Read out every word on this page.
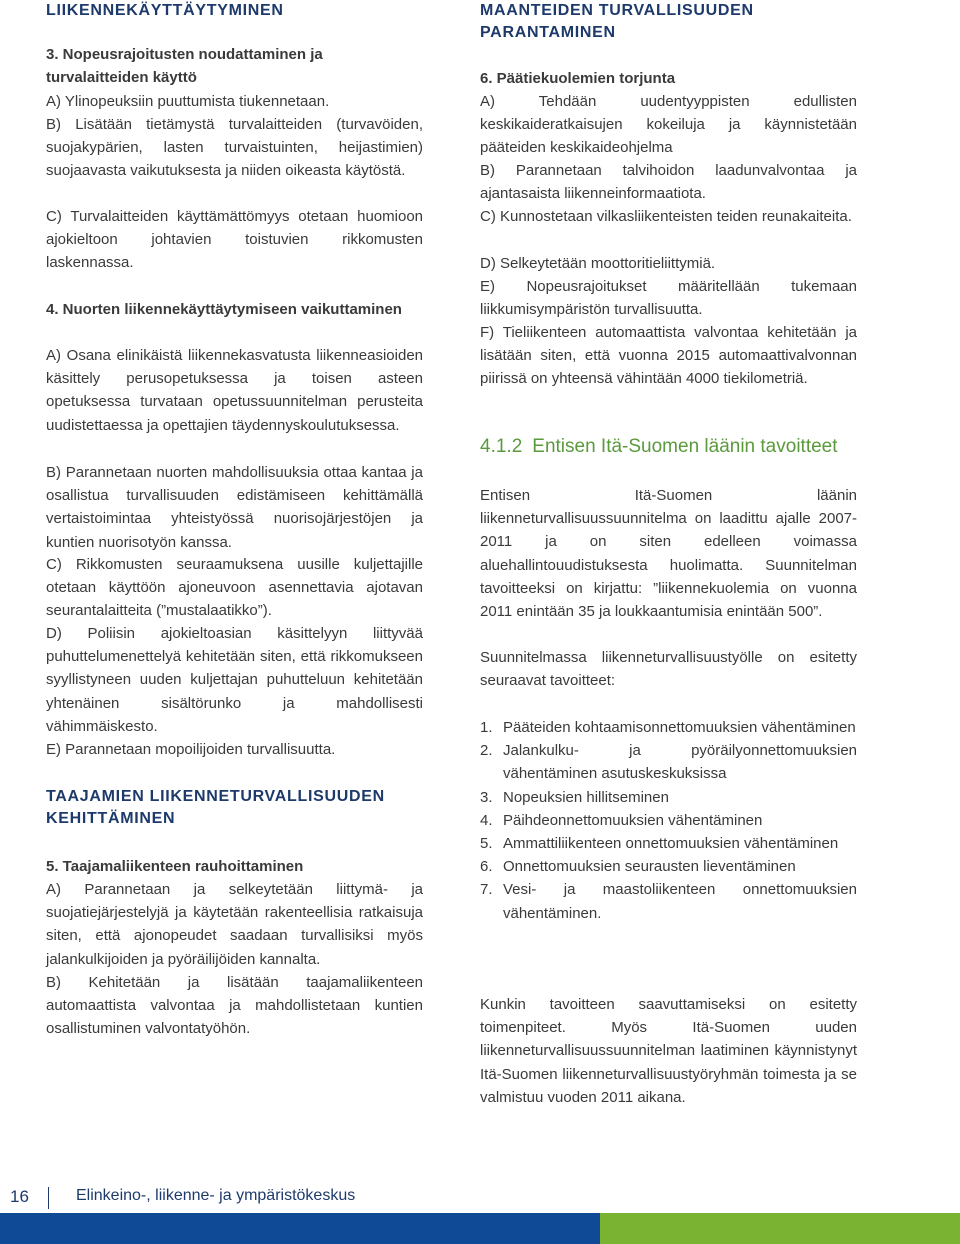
LIIKENNEKÄYTTÄYTYMINEN
3. Nopeusrajoitusten noudattaminen ja turvalaitteiden käyttö

A) Ylinopeuksiin puuttumista tiukennetaan.

B) Lisätään tietämystä turvalaitteiden (turvavöiden, suojakypärien, lasten turvaistuinten, heijastimien) suojaavasta vaikutuksesta ja niiden oikeasta käytöstä.

C) Turvalaitteiden käyttämättömyys otetaan huomioon ajokieltoon johtavien toistuvien rikkomusten laskennassa.

4. Nuorten liikennekäyttäytymiseen vaikuttaminen

A) Osana elinikäistä liikennekasvatusta liikenneasioiden käsittely perusopetuksessa ja toisen asteen opetuksessa turvataan opetussuunnitelman perusteita uudistettaessa ja opettajien täydennyskoulutuksessa.

B) Parannetaan nuorten mahdollisuuksia ottaa kantaa ja osallistua turvallisuuden edistämiseen kehittämällä vertaistoimintaa yhteistyössä nuorisojärjestöjen ja kuntien nuorisotyön kanssa.

C) Rikkomusten seuraamuksena uusille kuljettajille otetaan käyttöön ajoneuvoon asennettavia ajotavan seurantalaitteita (”mustalaatikko”).

D) Poliisin ajokieltoasian käsittelyyn liittyvää puhuttelumenettelyä kehitetään siten, että rikkomukseen syyllistyneen uuden kuljettajan puhutteluun kehitetään yhtenäinen sisältörunko ja mahdollisesti vähimmäiskesto.

E) Parannetaan mopoilijoiden turvallisuutta.

TAAJAMIEN LIIKENNETURVALLISUUDEN KEHITTÄMINEN
5. Taajamaliikenteen rauhoittaminen

A) Parannetaan ja selkeytetään liittymä- ja suojatiejärjestelyjä ja käytetään rakenteellisia ratkaisuja siten, että ajonopeudet saadaan turvallisiksi myös jalankulkijoiden ja pyöräilijöiden kannalta.

B) Kehitetään ja lisätään taajamaliikenteen automaattista valvontaa ja mahdollistetaan kuntien osallistuminen valvontatyöhön.

MAANTEIDEN TURVALLISUUDEN PARANTAMINEN
6. Päätiekuolemien torjunta

A) Tehdään uudentyyppisten edullisten keskikaideratkaisujen kokeiluja ja käynnistetään pääteiden keskikaideohjelma

B) Parannetaan talvihoidon laadunvalvontaa ja ajantasaista liikenneinformaatiota.

C) Kunnostetaan vilkasliikenteisten teiden reunakaiteita.

D) Selkeytetään moottoritieliittymiä.

E) Nopeusrajoitukset määritellään tukemaan liikkumisympäristön turvallisuutta.

F) Tieliikenteen automaattista valvontaa kehitetään ja lisätään siten, että vuonna 2015 automaattivalvonnan piirissä on yhteensä vähintään 4000 tiekilometriä.

4.1.2 Entisen Itä-Suomen läänin tavoitteet

Entisen Itä-Suomen läänin liikenneturvallisuussuunnitelma on laadittu ajalle 2007-2011 ja on siten edelleen voimassa aluehallintouudistuksesta huolimatta. Suunnitelman tavoitteeksi on kirjattu: ”liikennekuolemia on vuonna 2011 enintään 35 ja loukkaantumisia enintään 500”.

Suunnitelmassa liikenneturvallisuustyölle on esitetty seuraavat tavoitteet:

1. Pääteiden kohtaamisonnettomuuksien vähentäminen
2. Jalankulku- ja pyöräilyonnettomuuksien vähentäminen asutuskeskuksissa
3. Nopeuksien hillitseminen
4. Päihdeonnettomuuksien vähentäminen
5. Ammattiliikenteen onnettomuuksien vähentäminen
6. Onnettomuuksien seurausten lieventäminen
7. Vesi- ja maastoliikenteen onnettomuuksien vähentäminen.

Kunkin tavoitteen saavuttamiseksi on esitetty toimenpiteet. Myös Itä-Suomen uuden liikenneturvallisuussuunnitelman laatiminen käynnistynyt Itä-Suomen liikenneturvallisuustyöryhmän toimesta ja se valmistuu vuoden 2011 aikana.

16	Elinkeino-, liikenne- ja ympäristökeskus
